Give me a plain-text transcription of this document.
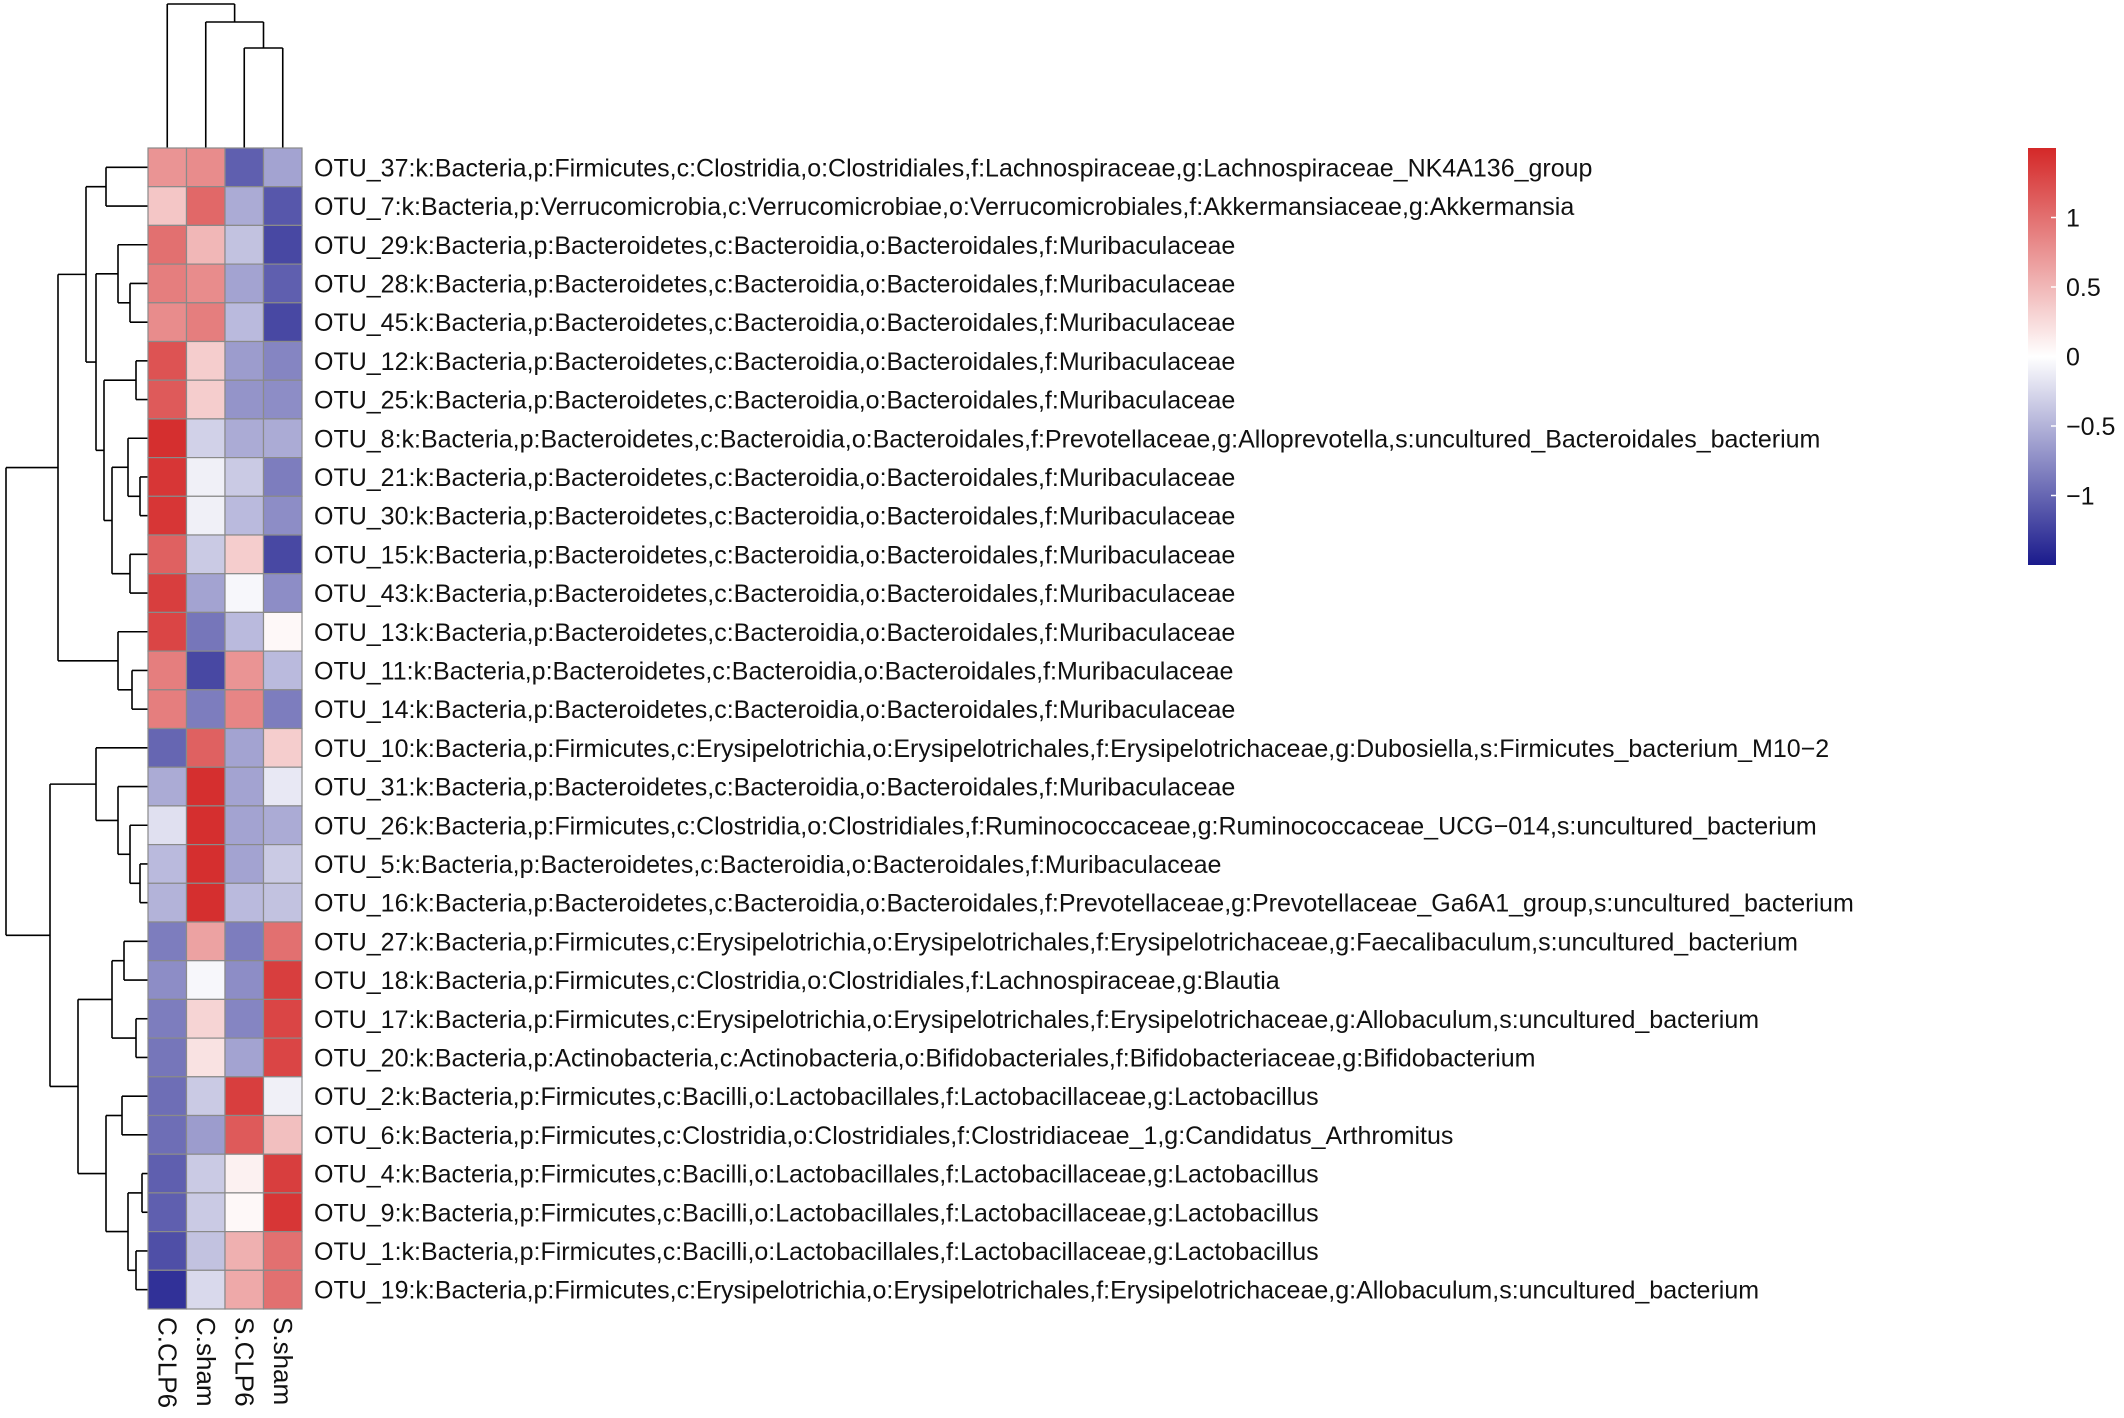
OTU_37:k:Bacteria,p:Firmicutes,c:Clostridia,o:Clostridiales,f:Lachnospiraceae,g:Lachnospiraceae_NK4A136_group
OTU_7:k:Bacteria,p:Verrucomicrobia,c:Verrucomicrobiae,o:Verrucomicrobiales,f:Akkermansiaceae,g:Akkermansia
OTU_29:k:Bacteria,p:Bacteroidetes,c:Bacteroidia,o:Bacteroidales,f:Muribaculaceae
OTU_28:k:Bacteria,p:Bacteroidetes,c:Bacteroidia,o:Bacteroidales,f:Muribaculaceae
OTU_45:k:Bacteria,p:Bacteroidetes,c:Bacteroidia,o:Bacteroidales,f:Muribaculaceae
OTU_12:k:Bacteria,p:Bacteroidetes,c:Bacteroidia,o:Bacteroidales,f:Muribaculaceae
OTU_25:k:Bacteria,p:Bacteroidetes,c:Bacteroidia,o:Bacteroidales,f:Muribaculaceae
OTU_8:k:Bacteria,p:Bacteroidetes,c:Bacteroidia,o:Bacteroidales,f:Prevotellaceae,g:Alloprevotella,s:uncultured_Bacteroidales_bacterium
OTU_21:k:Bacteria,p:Bacteroidetes,c:Bacteroidia,o:Bacteroidales,f:Muribaculaceae
OTU_30:k:Bacteria,p:Bacteroidetes,c:Bacteroidia,o:Bacteroidales,f:Muribaculaceae
OTU_15:k:Bacteria,p:Bacteroidetes,c:Bacteroidia,o:Bacteroidales,f:Muribaculaceae
OTU_43:k:Bacteria,p:Bacteroidetes,c:Bacteroidia,o:Bacteroidales,f:Muribaculaceae
OTU_13:k:Bacteria,p:Bacteroidetes,c:Bacteroidia,o:Bacteroidales,f:Muribaculaceae
OTU_11:k:Bacteria,p:Bacteroidetes,c:Bacteroidia,o:Bacteroidales,f:Muribaculaceae
OTU_14:k:Bacteria,p:Bacteroidetes,c:Bacteroidia,o:Bacteroidales,f:Muribaculaceae
OTU_10:k:Bacteria,p:Firmicutes,c:Erysipelotrichia,o:Erysipelotrichales,f:Erysipelotrichaceae,g:Dubosiella,s:Firmicutes_bacterium_M10−2
OTU_31:k:Bacteria,p:Bacteroidetes,c:Bacteroidia,o:Bacteroidales,f:Muribaculaceae
OTU_26:k:Bacteria,p:Firmicutes,c:Clostridia,o:Clostridiales,f:Ruminococcaceae,g:Ruminococcaceae_UCG−014,s:uncultured_bacterium
OTU_5:k:Bacteria,p:Bacteroidetes,c:Bacteroidia,o:Bacteroidales,f:Muribaculaceae
OTU_16:k:Bacteria,p:Bacteroidetes,c:Bacteroidia,o:Bacteroidales,f:Prevotellaceae,g:Prevotellaceae_Ga6A1_group,s:uncultured_bacterium
OTU_27:k:Bacteria,p:Firmicutes,c:Erysipelotrichia,o:Erysipelotrichales,f:Erysipelotrichaceae,g:Faecalibaculum,s:uncultured_bacterium
OTU_18:k:Bacteria,p:Firmicutes,c:Clostridia,o:Clostridiales,f:Lachnospiraceae,g:Blautia
OTU_17:k:Bacteria,p:Firmicutes,c:Erysipelotrichia,o:Erysipelotrichales,f:Erysipelotrichaceae,g:Allobaculum,s:uncultured_bacterium
OTU_20:k:Bacteria,p:Actinobacteria,c:Actinobacteria,o:Bifidobacteriales,f:Bifidobacteriaceae,g:Bifidobacterium
OTU_2:k:Bacteria,p:Firmicutes,c:Bacilli,o:Lactobacillales,f:Lactobacillaceae,g:Lactobacillus
OTU_6:k:Bacteria,p:Firmicutes,c:Clostridia,o:Clostridiales,f:Clostridiaceae_1,g:Candidatus_Arthromitus
OTU_4:k:Bacteria,p:Firmicutes,c:Bacilli,o:Lactobacillales,f:Lactobacillaceae,g:Lactobacillus
OTU_9:k:Bacteria,p:Firmicutes,c:Bacilli,o:Lactobacillales,f:Lactobacillaceae,g:Lactobacillus
OTU_1:k:Bacteria,p:Firmicutes,c:Bacilli,o:Lactobacillales,f:Lactobacillaceae,g:Lactobacillus
OTU_19:k:Bacteria,p:Firmicutes,c:Erysipelotrichia,o:Erysipelotrichales,f:Erysipelotrichaceae,g:Allobaculum,s:uncultured_bacterium
C.CLP6 C.sham S.CLP6 S.sham
1
0.5
0
−0.5
−1
